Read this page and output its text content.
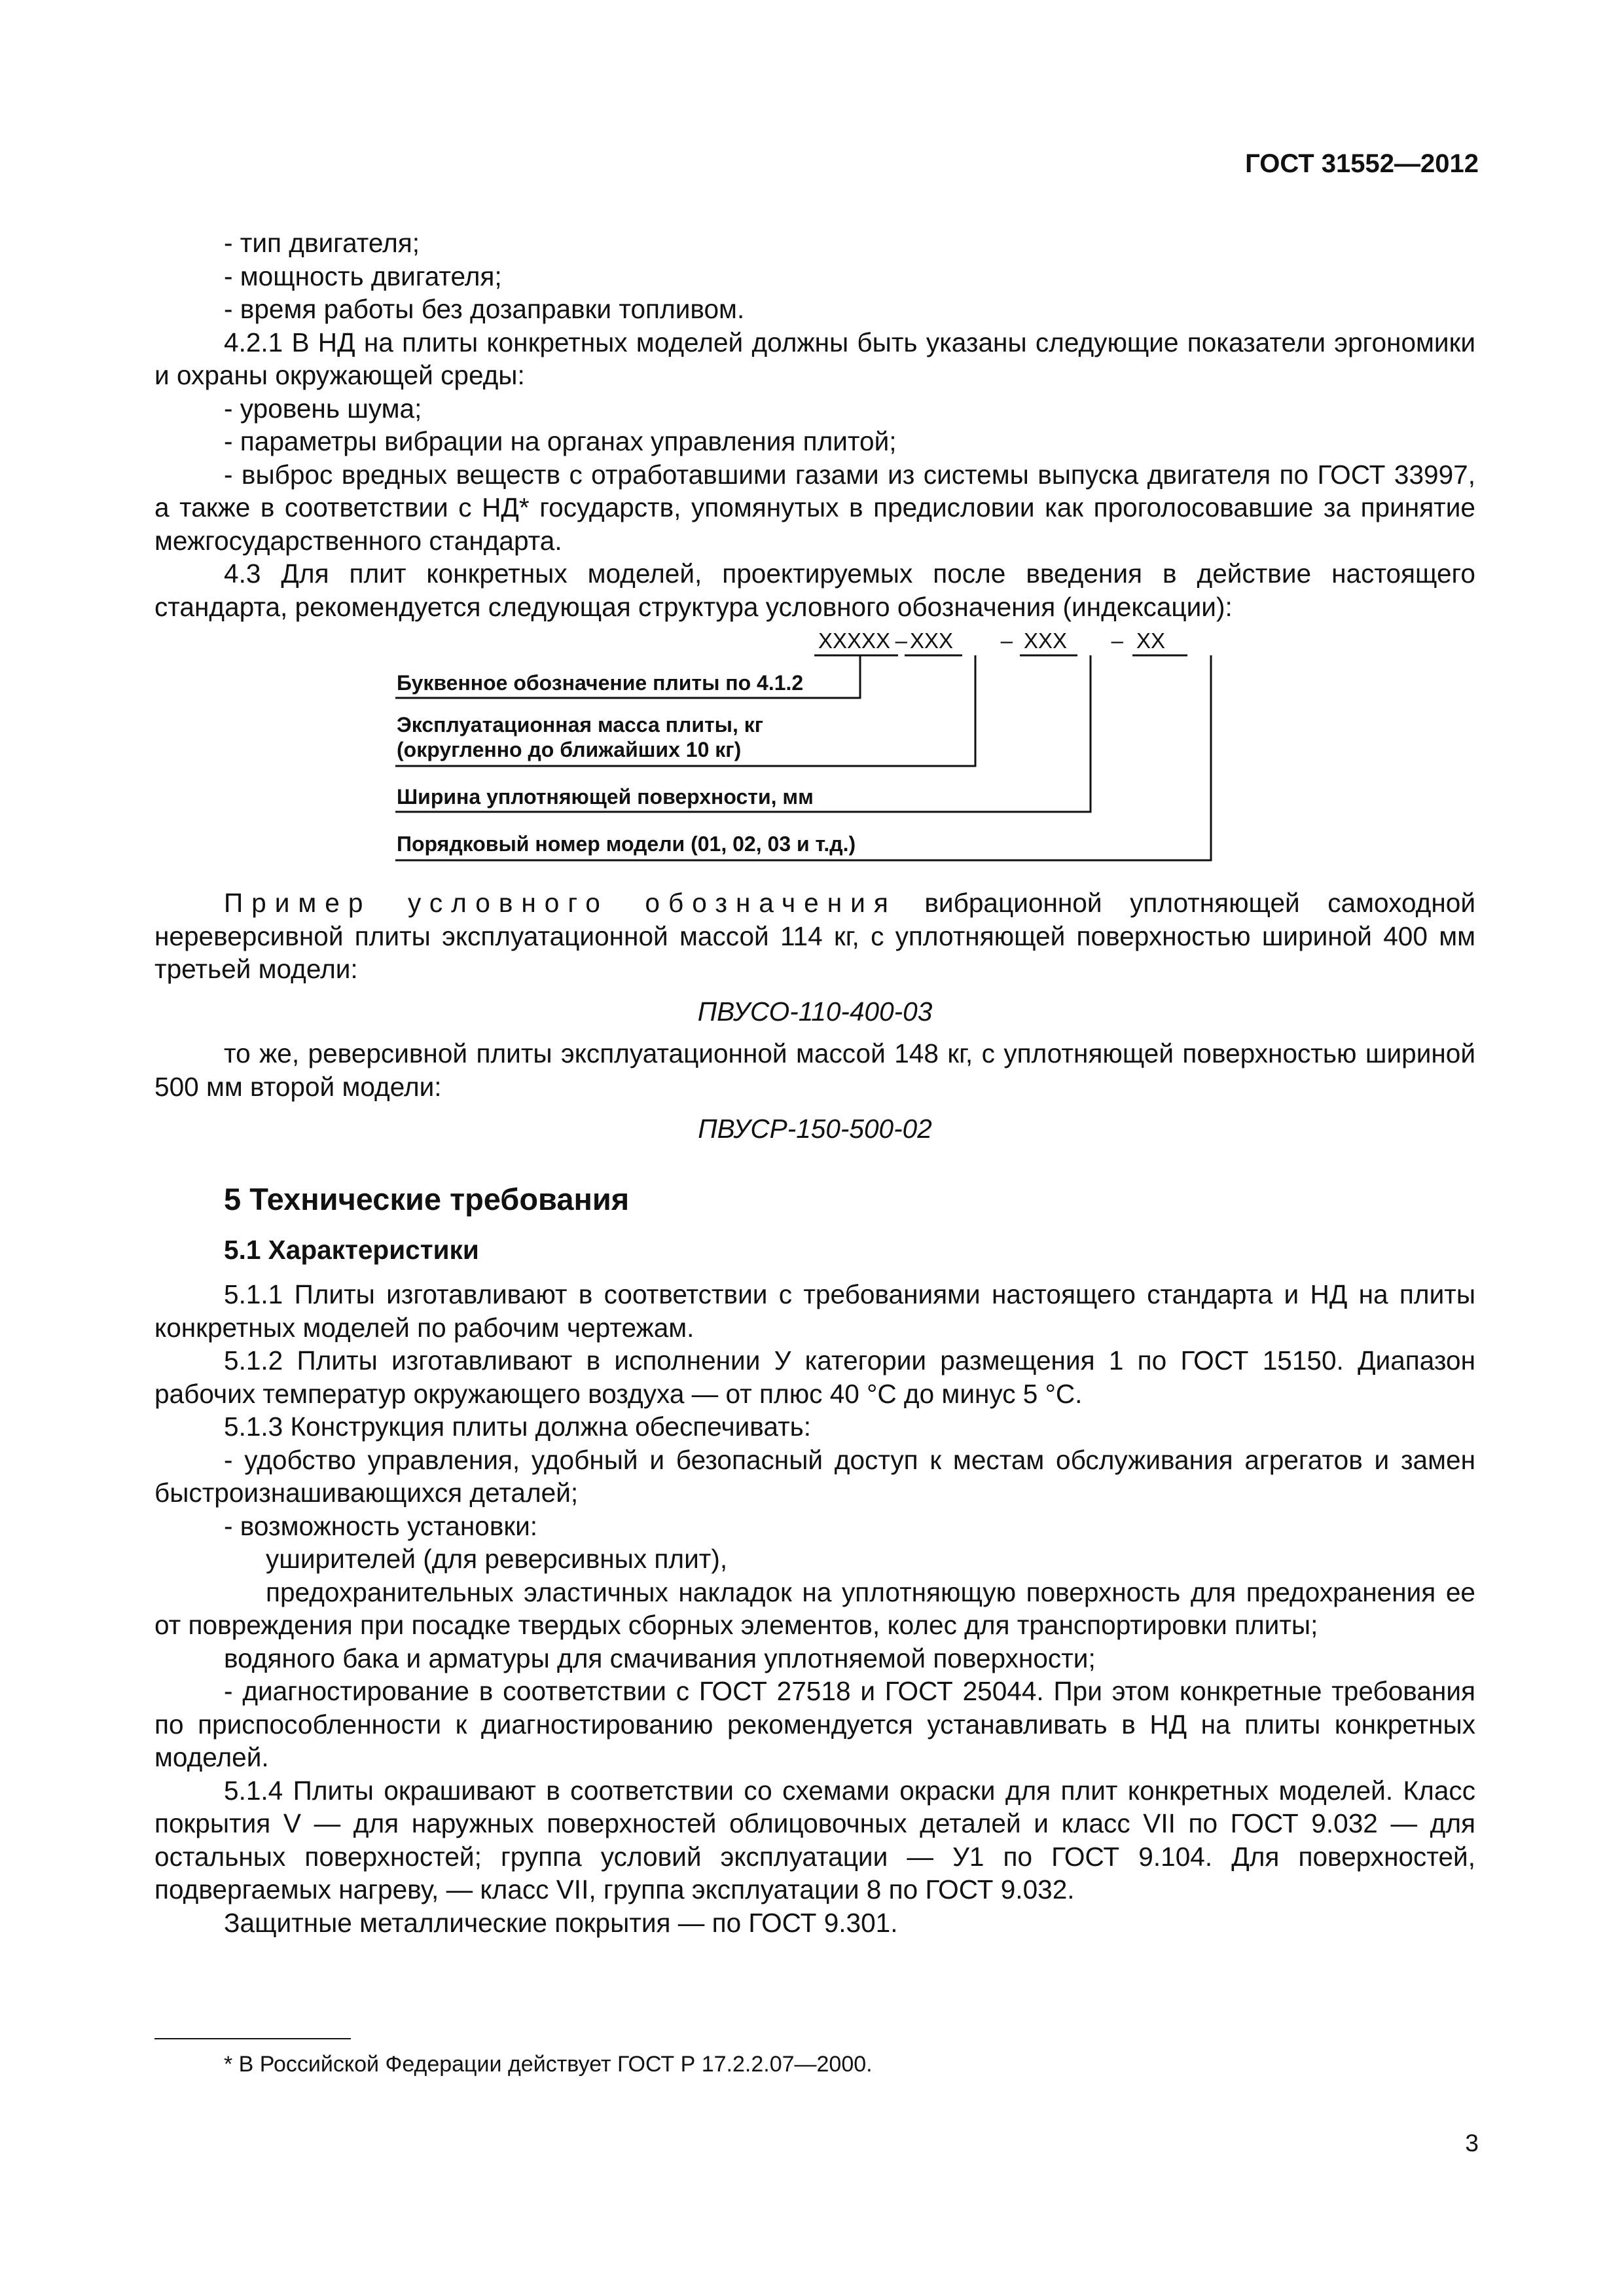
ГОСТ 31552—2012

- тип двигателя;

- мощность двигателя;

- время работы без дозаправки топливом.

4.2.1 В НД на плиты конкретных моделей должны быть указаны следующие показатели эргономики и охраны окружающей среды:

- уровень шума;

- параметры вибрации на органах управления плитой;

- выброс вредных веществ с отработавшими газами из системы выпуска двигателя по ГОСТ 33997, а также в соответствии с НД* государств, упомянутых в предисловии как проголосовавшие за принятие межгосударственного стандарта.

4.3 Для плит конкретных моделей, проектируемых после введения в действие настоящего стандарта, рекомендуется следующая структура условного обозначения (индексации):

XXXXX XXX	XXX	XX
–	–	–
Буквенное обозначение плиты по 4.1.2
Эксплуатационная масса плиты, кг
(округленно до ближайших 10 кг)
Ширина уплотняющей поверхности, мм
Порядковый номер модели (01, 02, 03 и т.д.)

Пример условного обозначения вибрационной уплотняющей самоходной нереверсивной плиты эксплуатационной массой 114 кг, с уплотняющей поверхностью шириной 400 мм третьей модели:

ПВУСО-110-400-03

то же, реверсивной плиты эксплуатационной массой 148 кг, с уплотняющей поверхностью шириной 500 мм второй модели:

ПВУСР-150-500-02

5 Технические требования
5.1 Характеристики

5.1.1 Плиты изготавливают в соответствии с требованиями настоящего стандарта и НД на плиты конкретных моделей по рабочим чертежам.

5.1.2 Плиты изготавливают в исполнении У категории размещения 1 по ГОСТ 15150. Диапазон рабочих температур окружающего воздуха — от плюс 40 °С до минус 5 °С.

5.1.3 Конструкция плиты должна обеспечивать:

- удобство управления, удобный и безопасный доступ к местам обслуживания агрегатов и замен быстроизнашивающихся деталей;

- возможность установки:

уширителей (для реверсивных плит),

предохранительных эластичных накладок на уплотняющую поверхность для предохранения ее от повреждения при посадке твердых сборных элементов, колес для транспортировки плиты;

водяного бака и арматуры для смачивания уплотняемой поверхности;

- диагностирование в соответствии с ГОСТ 27518 и ГОСТ 25044. При этом конкретные требования по приспособленности к диагностированию рекомендуется устанавливать в НД на плиты конкретных моделей.

5.1.4 Плиты окрашивают в соответствии со схемами окраски для плит конкретных моделей. Класс покрытия V — для наружных поверхностей облицовочных деталей и класс VII по ГОСТ 9.032 — для остальных поверхностей; группа условий эксплуатации — У1 по ГОСТ 9.104. Для поверхностей, подвергаемых нагреву, — класс VII, группа эксплуатации 8 по ГОСТ 9.032.

Защитные металлические покрытия — по ГОСТ 9.301.

* В Российской Федерации действует ГОСТ Р 17.2.2.07—2000.
3
